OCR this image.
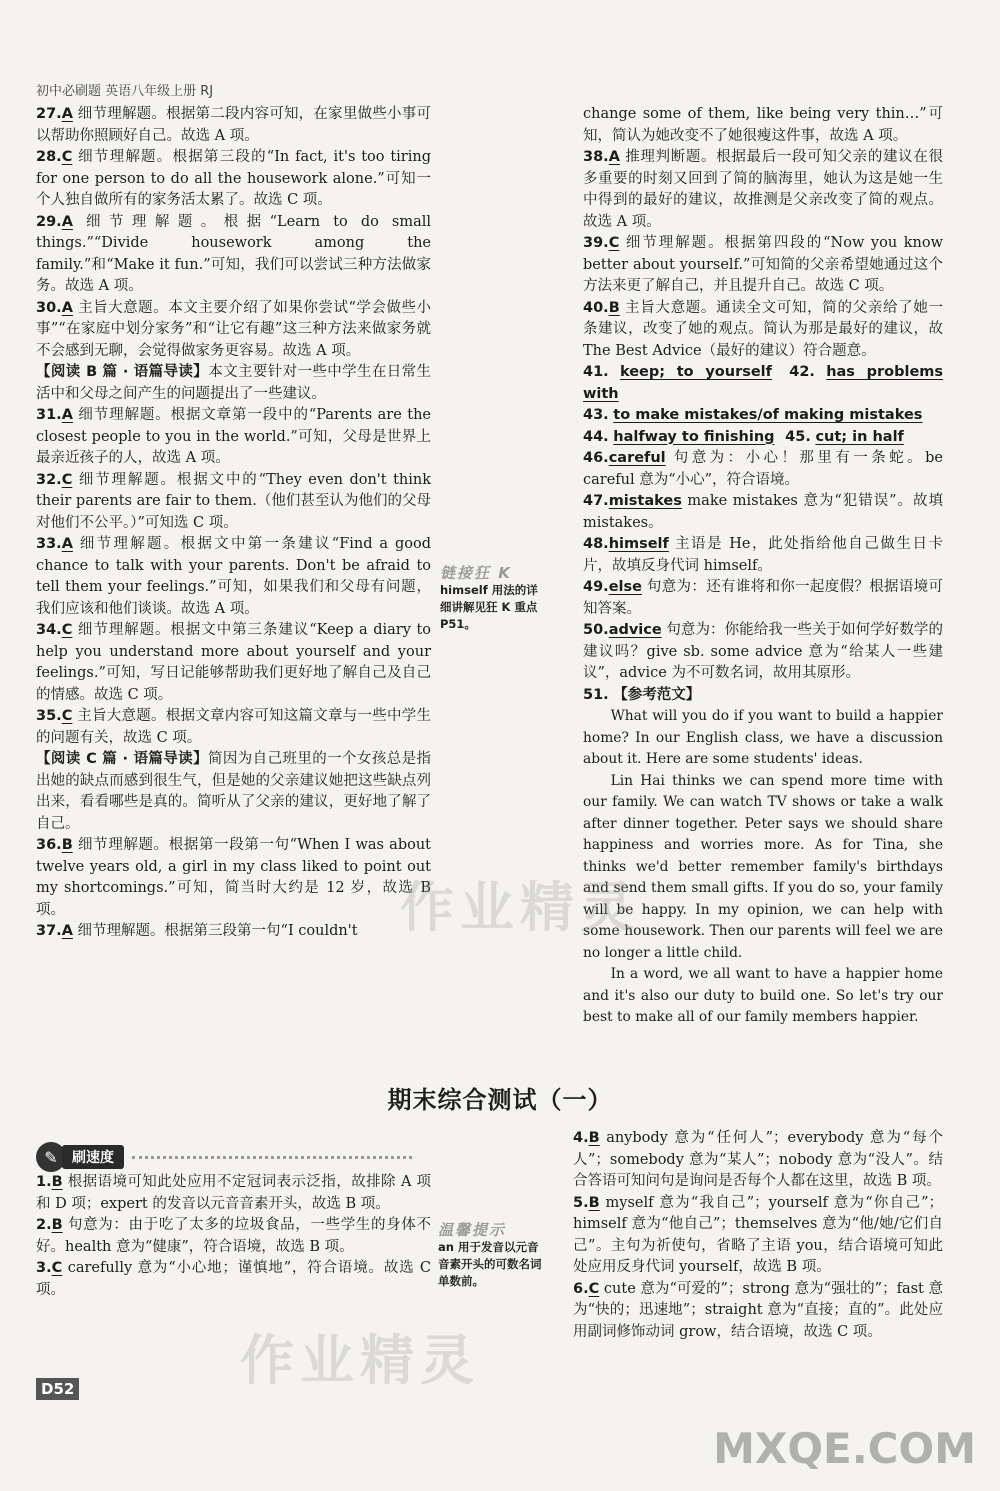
初中必刷题 英语八年级上册 RJ

27.A 细节理解题。根据第二段内容可知，在家里做些小事可以帮助你照顾好自己。故选 A 项。

28.C 细节理解题。根据第三段的“In fact, it's too tiring for one person to do all the housework alone.”可知一个人独自做所有的家务活太累了。故选 C 项。

29.A 细节理解题。根据“Learn to do small things.”“Divide housework among the family.”和“Make it fun.”可知，我们可以尝试三种方法做家务。故选 A 项。

30.A 主旨大意题。本文主要介绍了如果你尝试“学会做些小事”“在家庭中划分家务”和“让它有趣”这三种方法来做家务就不会感到无聊，会觉得做家务更容易。故选 A 项。

【阅读 B 篇 · 语篇导读】本文主要针对一些中学生在日常生活中和父母之间产生的问题提出了一些建议。

31.A 细节理解题。根据文章第一段中的“Parents are the closest people to you in the world.”可知，父母是世界上最亲近孩子的人，故选 A 项。

32.C 细节理解题。根据文中的“They even don't think their parents are fair to them.（他们甚至认为他们的父母对他们不公平。）”可知选 C 项。

33.A 细节理解题。根据文中第一条建议“Find a good chance to talk with your parents. Don't be afraid to tell them your feelings.”可知，如果我们和父母有问题，我们应该和他们谈谈。故选 A 项。

34.C 细节理解题。根据文中第三条建议“Keep a diary to help you understand more about yourself and your feelings.”可知，写日记能够帮助我们更好地了解自己及自己的情感。故选 C 项。

35.C 主旨大意题。根据文章内容可知这篇文章与一些中学生的问题有关，故选 C 项。

【阅读 C 篇 · 语篇导读】简因为自己班里的一个女孩总是指出她的缺点而感到很生气，但是她的父亲建议她把这些缺点列出来，看看哪些是真的。简听从了父亲的建议，更好地了解了自己。

36.B 细节理解题。根据第一段第一句“When I was about twelve years old, a girl in my class liked to point out my shortcomings.”可知，简当时大约是 12 岁，故选 B 项。

37.A 细节理解题。根据第三段第一句“I couldn't

change some of them, like being very thin…”可知，简认为她改变不了她很瘦这件事，故选 A 项。

38.A 推理判断题。根据最后一段可知父亲的建议在很多重要的时刻又回到了简的脑海里，她认为这是她一生中得到的最好的建议，故推测是父亲改变了简的观点。故选 A 项。

39.C 细节理解题。根据第四段的“Now you know better about yourself.”可知简的父亲希望她通过这个方法来更了解自己，并且提升自己。故选 C 项。

40.B 主旨大意题。通读全文可知，简的父亲给了她一条建议，改变了她的观点。简认为那是最好的建议，故 The Best Advice（最好的建议）符合题意。

41. keep; to yourself 42. has problems with

43. to make mistakes/of making mistakes

44. halfway to finishing 45. cut; in half

46.careful 句意为：小心！那里有一条蛇。be careful 意为“小心”，符合语境。

47.mistakes make mistakes 意为“犯错误”。故填 mistakes。

48.himself 主语是 He，此处指给他自己做生日卡片，故填反身代词 himself。

49.else 句意为：还有谁将和你一起度假？根据语境可知答案。

50.advice 句意为：你能给我一些关于如何学好数学的建议吗？give sb. some advice 意为“给某人一些建议”，advice 为不可数名词，故用其原形。

51. 【参考范文】

What will you do if you want to build a happier home? In our English class, we have a discussion about it. Here are some students' ideas.

Lin Hai thinks we can spend more time with our family. We can watch TV shows or take a walk after dinner together. Peter says we should share happiness and worries more. As for Tina, she thinks we'd better remember family's birthdays and send them small gifts. If you do so, your family will be happy. In my opinion, we can help with some housework. Then our parents will feel we are no longer a little child.

In a word, we all want to have a happier home and it's also our duty to build one. So let's try our best to make all of our family members happier.

链接狂 K
himself 用法的详细讲解见狂 K 重点 P51。
期末综合测试（一）
✎	刷速度

1.B 根据语境可知此处应用不定冠词表示泛指，故排除 A 项和 D 项；expert 的发音以元音音素开头，故选 B 项。

2.B 句意为：由于吃了太多的垃圾食品，一些学生的身体不好。health 意为“健康”，符合语境，故选 B 项。

3.C carefully 意为“小心地；谨慎地”，符合语境。故选 C 项。

温馨提示
an 用于发音以元音音素开头的可数名词单数前。

4.B anybody 意为“任何人”；everybody 意为“每个人”；somebody 意为“某人”；nobody 意为“没人”。结合答语可知问句是询问是否每个人都在这里，故选 B 项。

5.B myself 意为“我自己”；yourself 意为“你自己”；himself 意为“他自己”；themselves 意为“他/她/它们自己”。主句为祈使句，省略了主语 you，结合语境可知此处应用反身代词 yourself，故选 B 项。

6.C cute 意为“可爱的”；strong 意为“强壮的”；fast 意为“快的；迅速地”；straight 意为“直接；直的”。此处应用副词修饰动词 grow，结合语境，故选 C 项。

D52
作业精灵
作业精灵
MXQE.COM
